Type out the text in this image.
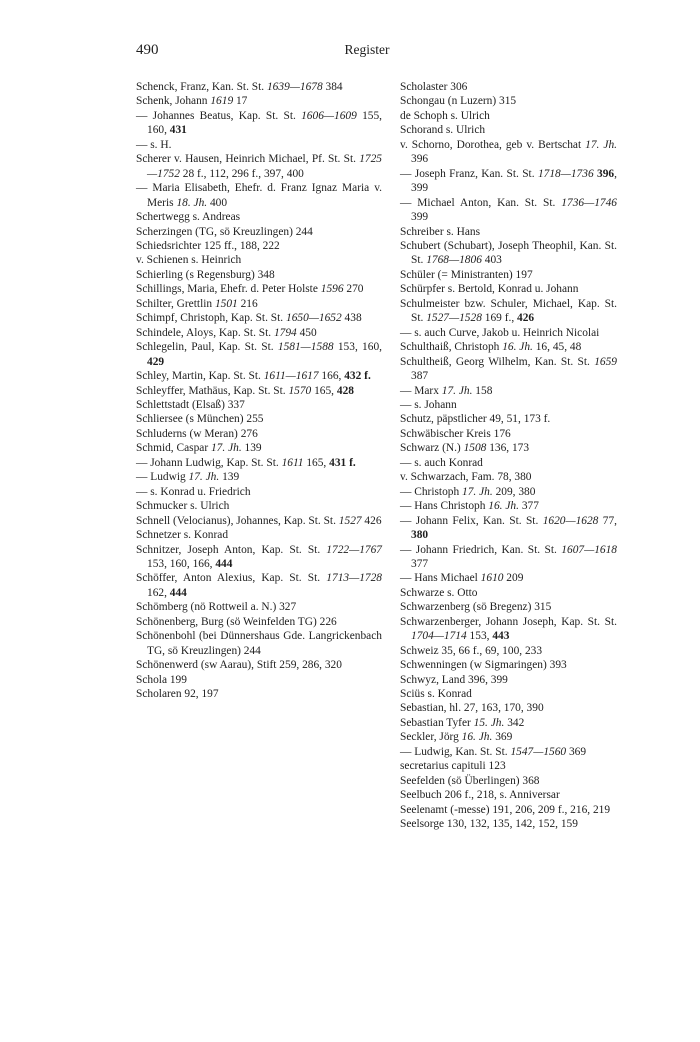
490	Register
Schenck, Franz, Kan. St. St. 1639—1678 384
Schenk, Johann 1619 17
— Johannes Beatus, Kap. St. St. 1606—1609 155, 160, 431
— s. H.
Scherer v. Hausen, Heinrich Michael, Pf. St. St. 1725—1752 28 f., 112, 296 f., 397, 400
— Maria Elisabeth, Ehefr. d. Franz Ignaz Maria v. Meris 18. Jh. 400
Schertwegg s. Andreas
Scherzingen (TG, sö Kreuzlingen) 244
Schiedsrichter 125 ff., 188, 222
v. Schienen s. Heinrich
Schierling (s Regensburg) 348
Schillings, Maria, Ehefr. d. Peter Holste 1596 270
Schilter, Grettlin 1501 216
Schimpf, Christoph, Kap. St. St. 1650—1652 438
Schindele, Aloys, Kap. St. St. 1794 450
Schlegelin, Paul, Kap. St. St. 1581—1588 153, 160, 429
Schley, Martin, Kap. St. St. 1611—1617 166, 432 f.
Schleyffer, Mathäus, Kap. St. St. 1570 165, 428
Schlettstadt (Elsaß) 337
Schliersee (s München) 255
Schluderns (w Meran) 276
Schmid, Caspar 17. Jh. 139
— Johann Ludwig, Kap. St. St. 1611 165, 431 f.
— Ludwig 17. Jh. 139
— s. Konrad u. Friedrich
Schmucker s. Ulrich
Schnell (Velocianus), Johannes, Kap. St. St. 1527 426
Schnetzer s. Konrad
Schnitzer, Joseph Anton, Kap. St. St. 1722—1767 153, 160, 166, 444
Schöffer, Anton Alexius, Kap. St. St. 1713—1728 162, 444
Schömberg (nö Rottweil a. N.) 327
Schönenberg, Burg (sö Weinfelden TG) 226
Schönenbohl (bei Dünnershaus Gde. Langrickenbach TG, sö Kreuzlingen) 244
Schönenwerd (sw Aarau), Stift 259, 286, 320
Schola 199
Scholaren 92, 197
Scholaster 306
Schongau (n Luzern) 315
de Schoph s. Ulrich
Schorand s. Ulrich
v. Schorno, Dorothea, geb v. Bertschat 17. Jh. 396
— Joseph Franz, Kan. St. St. 1718—1736 396, 399
— Michael Anton, Kan. St. St. 1736—1746 399
Schreiber s. Hans
Schubert (Schubart), Joseph Theophil, Kan. St. St. 1768—1806 403
Schüler (= Ministranten) 197
Schürpfer s. Bertold, Konrad u. Johann
Schulmeister bzw. Schuler, Michael, Kap. St. St. 1527—1528 169 f., 426
— s. auch Curve, Jakob u. Heinrich Nicolai
Schulthaiß, Christoph 16. Jh. 16, 45, 48
Schultheiß, Georg Wilhelm, Kan. St. St. 1659 387
— Marx 17. Jh. 158
— s. Johann
Schutz, päpstlicher 49, 51, 173 f.
Schwäbischer Kreis 176
Schwarz (N.) 1508 136, 173
— s. auch Konrad
v. Schwarzach, Fam. 78, 380
— Christoph 17. Jh. 209, 380
— Hans Christoph 16. Jh. 377
— Johann Felix, Kan. St. St. 1620—1628 77, 380
— Johann Friedrich, Kan. St. St. 1607—1618 377
— Hans Michael 1610 209
Schwarze s. Otto
Schwarzenberg (sö Bregenz) 315
Schwarzenberger, Johann Joseph, Kap. St. St. 1704—1714 153, 443
Schweiz 35, 66 f., 69, 100, 233
Schwenningen (w Sigmaringen) 393
Schwyz, Land 396, 399
Sciüs s. Konrad
Sebastian, hl. 27, 163, 170, 390
Sebastian Tyfer 15. Jh. 342
Seckler, Jörg 16. Jh. 369
— Ludwig, Kan. St. St. 1547—1560 369
secretarius capituli 123
Seefelden (sö Überlingen) 368
Seelbuch 206 f., 218, s. Anniversar
Seelenamt (-messe) 191, 206, 209 f., 216, 219
Seelsorge 130, 132, 135, 142, 152, 159
